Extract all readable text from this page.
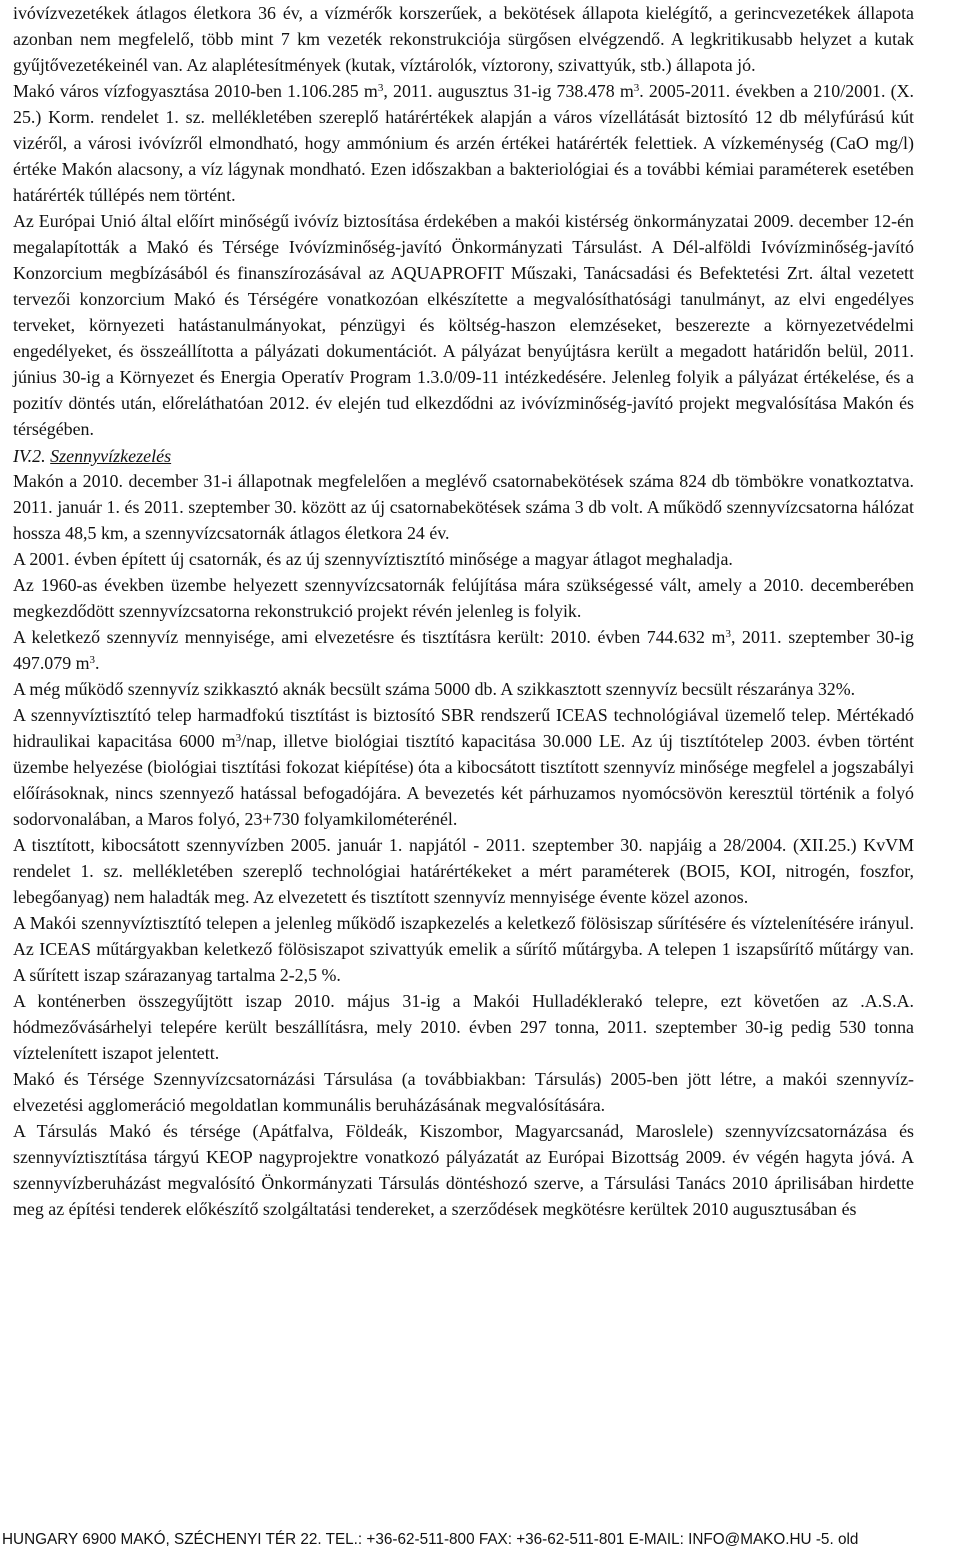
ivóvízvezetékek átlagos életkora 36 év, a vízmérők korszerűek, a bekötések állapota kielégítő, a gerincvezetékek állapota azonban nem megfelelő, több mint 7 km vezeték rekonstrukciója sürgősen elvégzendő. A legkritikusabb helyzet a kutak gyűjtővezetékeinél van. Az alaplétesítmények (kutak, víztárolók, víztorony, szivattyúk, stb.) állapota jó.

Makó város vízfogyasztása 2010-ben 1.106.285 $m^3$, 2011. augusztus 31-ig 738.478 $m^3$. 2005-2011. években a 210/2001. (X. 25.) Korm. rendelet 1. sz. mellékletében szereplő határértékek alapján a város vízellátását biztosító 12 db mélyfúrású kút vizéről, a városi ivóvízről elmondható, hogy ammónium és arzén értékei határérték felettiek. A vízkeménység (CaO mg/l) értéke Makón alacsony, a víz lágynak mondható. Ezen időszakban a bakteriológiai és a további kémiai paraméterek esetében határérték túllépés nem történt.

Az Európai Unió által előírt minőségű ivóvíz biztosítása érdekében a makói kistérség önkormányzatai 2009. december 12-én megalapították a Makó és Térsége Ivóvízminőség-javító Önkormányzati Társulást. A Dél-alföldi Ivóvízminőség-javító Konzorcium megbízásából és finanszírozásával az AQUAPROFIT Műszaki, Tanácsadási és Befektetési Zrt. által vezetett tervezői konzorcium Makó és Térségére vonatkozóan elkészítette a megvalósíthatósági tanulmányt, az elvi engedélyes terveket, környezeti hatástanulmányokat, pénzügyi és költség-haszon elemzéseket, beszerezte a környezetvédelmi engedélyeket, és összeállította a pályázati dokumentációt. A pályázat benyújtásra került a megadott határidőn belül, 2011. június 30-ig a Környezet és Energia Operatív Program 1.3.0/09-11 intézkedésére. Jelenleg folyik a pályázat értékelése, és a pozitív döntés után, előreláthatóan 2012. év elején tud elkezdődni az ivóvízminőség-javító projekt megvalósítása Makón és térségében.

IV.2. Szennyvízkezelés

Makón a 2010. december 31-i állapotnak megfelelően a meglévő csatornabekötések száma 824 db tömbökre vonatkoztatva. 2011. január 1. és 2011. szeptember 30. között az új csatornabekötések száma 3 db volt. A működő szennyvízcsatorna hálózat hossza 48,5 km, a szennyvízcsatornák átlagos életkora 24 év.

A 2001. évben épített új csatornák, és az új szennyvíztisztító minősége a magyar átlagot meghaladja.

Az 1960-as években üzembe helyezett szennyvízcsatornák felújítása mára szükségessé vált, amely a 2010. decemberében megkezdődött szennyvízcsatorna rekonstrukció projekt révén jelenleg is folyik.

A keletkező szennyvíz mennyisége, ami elvezetésre és tisztításra került: 2010. évben 744.632 $m^3$, 2011. szeptember 30-ig 497.079 $m^3$.

A még működő szennyvíz szikkasztó aknák becsült száma 5000 db. A szikkasztott szennyvíz becsült részaránya 32%.

A szennyvíztisztító telep harmadfokú tisztítást is biztosító SBR rendszerű ICEAS technológiával üzemelő telep. Mértékadó hidraulikai kapacitása 6000 $m^3$/nap, illetve biológiai tisztító kapacitása 30.000 LE. Az új tisztítótelep 2003. évben történt üzembe helyezése (biológiai tisztítási fokozat kiépítése) óta a kibocsátott tisztított szennyvíz minősége megfelel a jogszabályi előírásoknak, nincs szennyező hatással befogadójára. A bevezetés két párhuzamos nyomócsövön keresztül történik a folyó sodorvonalában, a Maros folyó, 23+730 folyamkilométerénél.

A tisztított, kibocsátott szennyvízben 2005. január 1. napjától - 2011. szeptember 30. napjáig a 28/2004. (XII.25.) KvVM rendelet 1. sz. mellékletében szereplő technológiai határértékeket a mért paraméterek (BOI5, KOI, nitrogén, foszfor, lebegőanyag) nem haladták meg. Az elvezetett és tisztított szennyvíz mennyisége évente közel azonos.

A Makói szennyvíztisztító telepen a jelenleg működő iszapkezelés a keletkező fölösiszap sűrítésére és víztelenítésére irányul. Az ICEAS műtárgyakban keletkező fölösiszapot szivattyúk emelik a sűrítő műtárgyba. A telepen 1 iszapsűrítő műtárgy van. A sűrített iszap szárazanyag tartalma 2-2,5 %.

A konténerben összegyűjtött iszap 2010. május 31-ig a Makói Hulladéklerakó telepre, ezt követően az .A.S.A. hódmezővásárhelyi telepére került beszállításra, mely 2010. évben 297 tonna, 2011. szeptember 30-ig pedig 530 tonna víztelenített iszapot jelentett.

Makó és Térsége Szennyvízcsatornázási Társulása (a továbbiakban: Társulás) 2005-ben jött létre, a makói szennyvíz-elvezetési agglomeráció megoldatlan kommunális beruházásának megvalósítására.

A Társulás Makó és térsége (Apátfalva, Földeák, Kiszombor, Magyarcsanád, Maroslele) szennyvízcsatornázása és szennyvíztisztítása tárgyú KEOP nagyprojektre vonatkozó pályázatát az Európai Bizottság 2009. év végén hagyta jóvá. A szennyvízberuházást megvalósító Önkormányzati Társulás döntéshozó szerve, a Társulási Tanács 2010 áprilisában hirdette meg az építési tenderek előkészítő szolgáltatási tendereket, a szerződések megkötésre kerültek 2010 augusztusában és

HUNGARY 6900 MAKÓ, SZÉCHENYI TÉR 22. TEL.: +36-62-511-800 FAX: +36-62-511-801 E-MAIL: INFO@MAKO.HU -5. old
